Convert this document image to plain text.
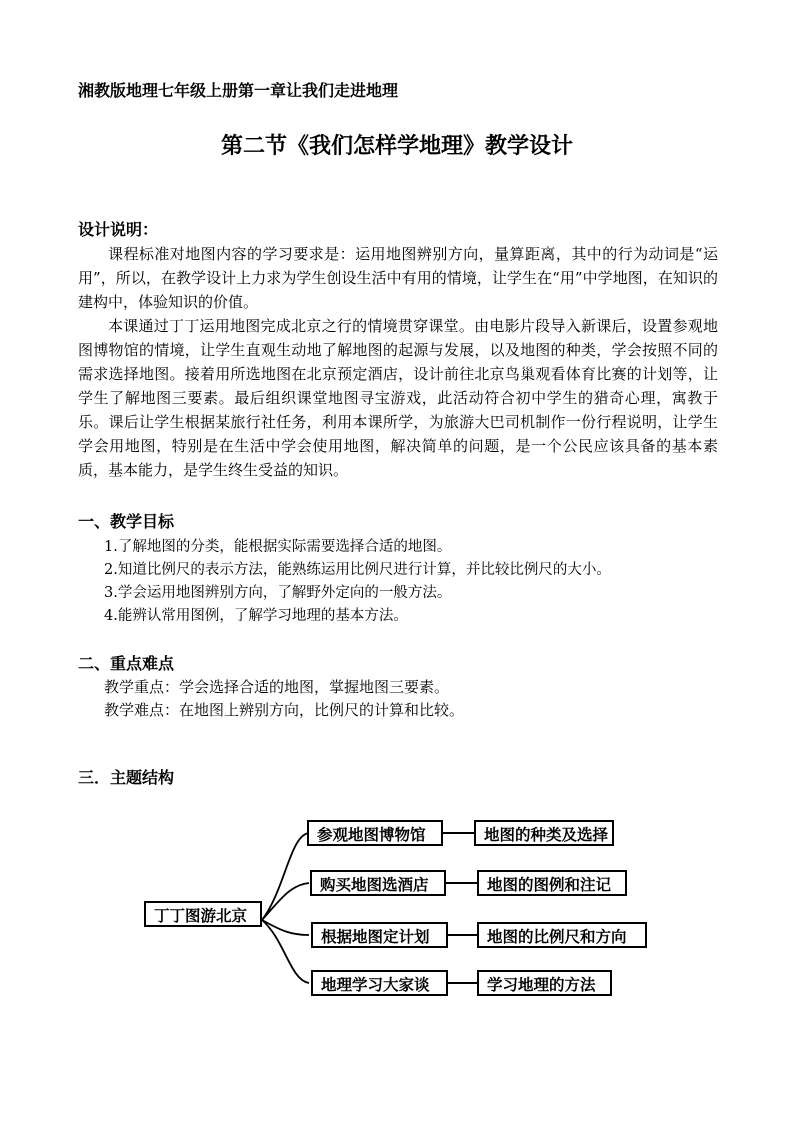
湘教版地理七年级上册第一章让我们走进地理
第二节《我们怎样学地理》教学设计
设计说明：
课程标准对地图内容的学习要求是：运用地图辨别方向，量算距离，其中的行为动词是“运用”，所以，在教学设计上力求为学生创设生活中有用的情境，让学生在“用”中学地图，在知识的建构中，体验知识的价值。
本课通过丁丁运用地图完成北京之行的情境贯穿课堂。由电影片段导入新课后，设置参观地图博物馆的情境，让学生直观生动地了解地图的起源与发展，以及地图的种类，学会按照不同的需求选择地图。接着用所选地图在北京预定酒店，设计前往北京鸟巢观看体育比赛的计划等，让学生了解地图三要素。最后组织课堂地图寻宝游戏，此活动符合初中学生的猎奇心理，寓教于乐。课后让学生根据某旅行社任务，利用本课所学，为旅游大巴司机制作一份行程说明，让学生学会用地图，特别是在生活中学会使用地图，解决简单的问题，是一个公民应该具备的基本素质，基本能力，是学生终生受益的知识。
一、教学目标
1.了解地图的分类，能根据实际需要选择合适的地图。
2.知道比例尺的表示方法，能熟练运用比例尺进行计算，并比较比例尺的大小。
3.学会运用地图辨别方向，了解野外定向的一般方法。
4.能辨认常用图例，了解学习地理的基本方法。
二、重点难点
教学重点：学会选择合适的地图，掌握地图三要素。
教学难点：在地图上辨别方向，比例尺的计算和比较。
三．主题结构
丁丁图游北京
参观地图博物馆
购买地图选酒店
根据地图定计划
地理学习大家谈
地图的种类及选择
地图的图例和注记
地图的比例尺和方向
学习地理的方法
